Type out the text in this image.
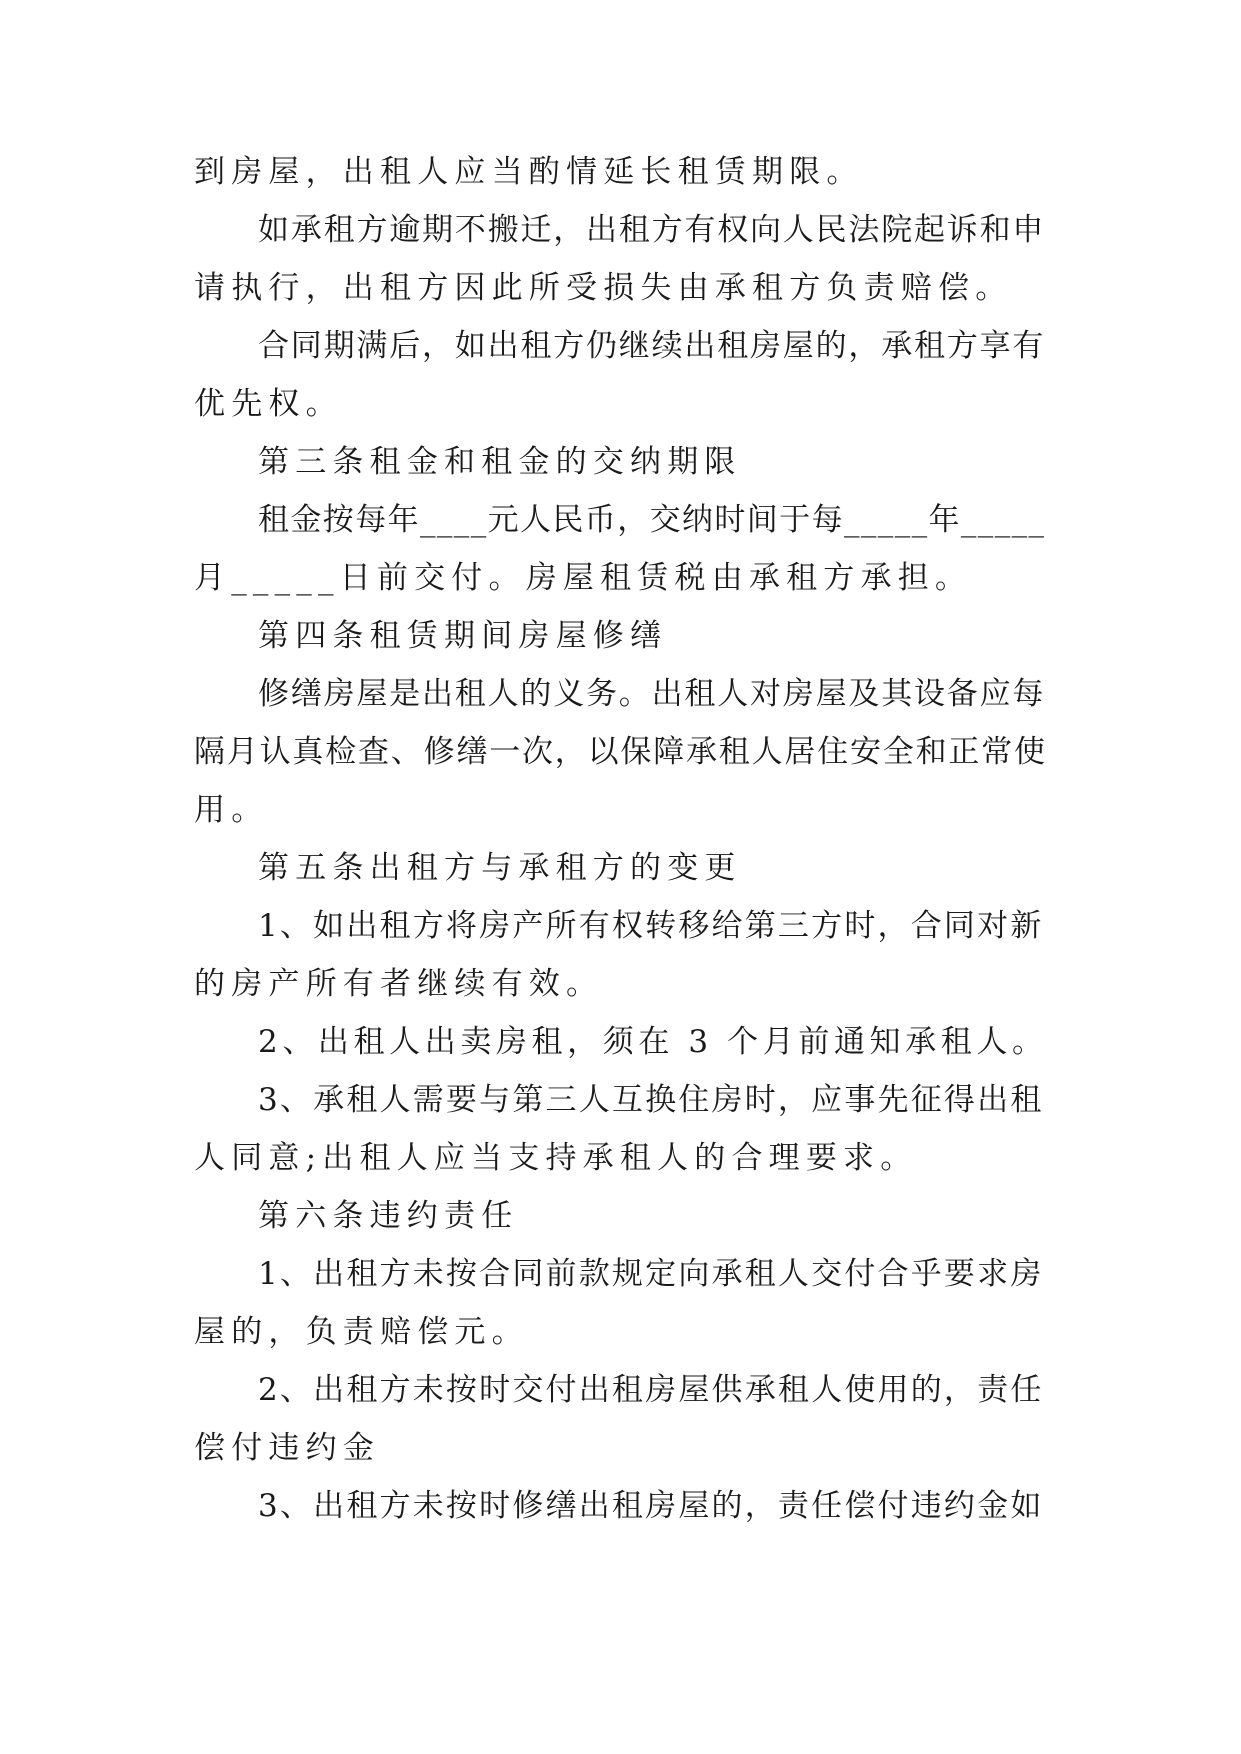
到房屋，出租人应当酌情延长租赁期限。
如承租方逾期不搬迁，出租方有权向人民法院起诉和申
请执行，出租方因此所受损失由承租方负责赔偿。
合同期满后，如出租方仍继续出租房屋的，承租方享有
优先权。
第三条租金和租金的交纳期限
租金按每年____元人民币，交纳时间于每_____年_____
月_____日前交付。房屋租赁税由承租方承担。
第四条租赁期间房屋修缮
修缮房屋是出租人的义务。出租人对房屋及其设备应每
隔月认真检查、修缮一次，以保障承租人居住安全和正常使
用。
第五条出租方与承租方的变更
1、如出租方将房产所有权转移给第三方时，合同对新
的房产所有者继续有效。
2、出租人出卖房租，须在 3 个月前通知承租人。
3、承租人需要与第三人互换住房时，应事先征得出租
人同意;出租人应当支持承租人的合理要求。
第六条违约责任
1、出租方未按合同前款规定向承租人交付合乎要求房
屋的，负责赔偿元。
2、出租方未按时交付出租房屋供承租人使用的，责任
偿付违约金
3、出租方未按时修缮出租房屋的，责任偿付违约金如
